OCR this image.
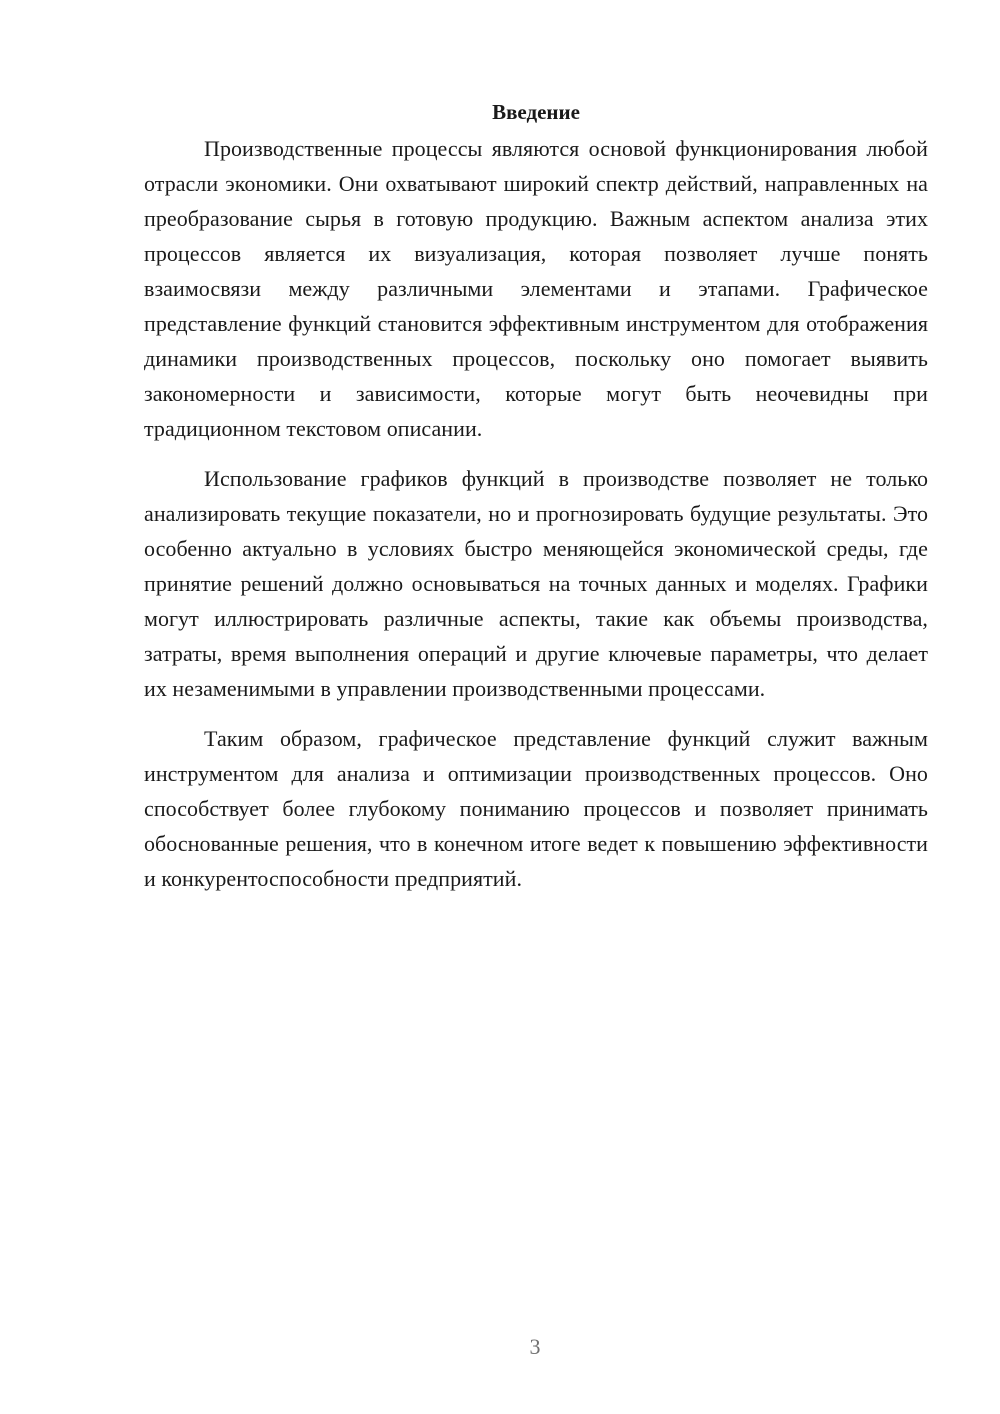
Введение

Производственные процессы являются основой функционирования любой отрасли экономики. Они охватывают широкий спектр действий, направленных на преобразование сырья в готовую продукцию. Важным аспектом анализа этих процессов является их визуализация, которая позволяет лучше понять взаимосвязи между различными элементами и этапами. Графическое представление функций становится эффективным инструментом для отображения динамики производственных процессов, поскольку оно помогает выявить закономерности и зависимости, которые могут быть неочевидны при традиционном текстовом описании.

Использование графиков функций в производстве позволяет не только анализировать текущие показатели, но и прогнозировать будущие результаты. Это особенно актуально в условиях быстро меняющейся экономической среды, где принятие решений должно основываться на точных данных и моделях. Графики могут иллюстрировать различные аспекты, такие как объемы производства, затраты, время выполнения операций и другие ключевые параметры, что делает их незаменимыми в управлении производственными процессами.

Таким образом, графическое представление функций служит важным инструментом для анализа и оптимизации производственных процессов. Оно способствует более глубокому пониманию процессов и позволяет принимать обоснованные решения, что в конечном итоге ведет к повышению эффективности и конкурентоспособности предприятий.

3
